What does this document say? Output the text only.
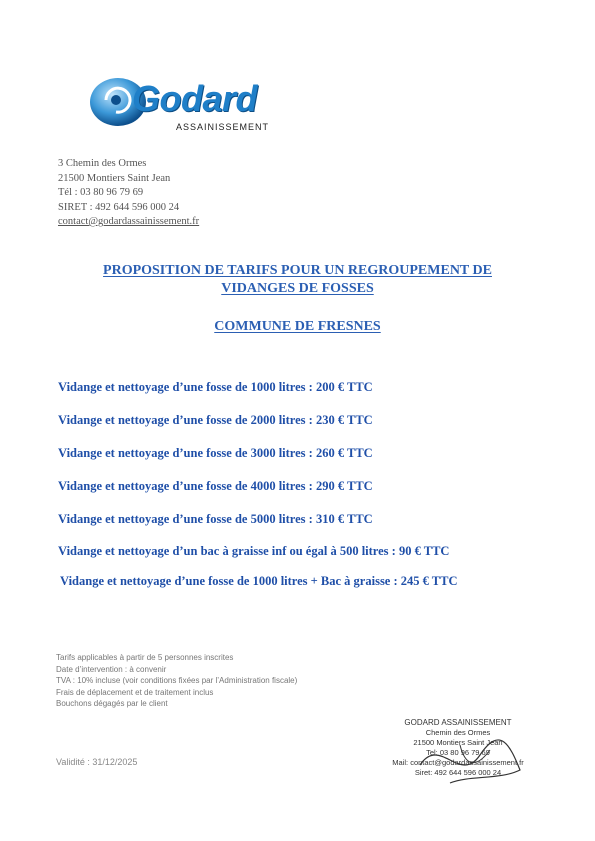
Godard
ASSAINISSEMENT
3 Chemin des Ormes
21500 Montiers Saint Jean
Tél : 03 80 96 79 69
SIRET : 492 644 596 000 24
contact@godardassainissement.fr
PROPOSITION DE TARIFS POUR UN REGROUPEMENT DE
VIDANGES DE FOSSES
COMMUNE DE FRESNES
Vidange et nettoyage d’une fosse de 1000 litres : 200 € TTC
Vidange et nettoyage d’une fosse de 2000 litres : 230 € TTC
Vidange et nettoyage d’une fosse de 3000 litres : 260 € TTC
Vidange et nettoyage d’une fosse de 4000 litres : 290 € TTC
Vidange et nettoyage d’une fosse de 5000 litres : 310 € TTC
Vidange et nettoyage d’un bac à graisse inf ou égal à 500 litres : 90 € TTC
Vidange et nettoyage d’une fosse de 1000 litres + Bac à graisse : 245 € TTC
Tarifs applicables à partir de 5 personnes inscrites
Date d’intervention : à convenir
TVA : 10% incluse (voir conditions fixées par l’Administration fiscale)
Frais de déplacement et de traitement inclus
Bouchons dégagés par le client
Validité : 31/12/2025
GODARD ASSAINISSEMENT
Chemin des Ormes
21500 Montiers Saint Jean
Tel: 03 80 96 79 69
Mail: contact@godardassainissement.fr
Siret: 492 644 596 000 24
